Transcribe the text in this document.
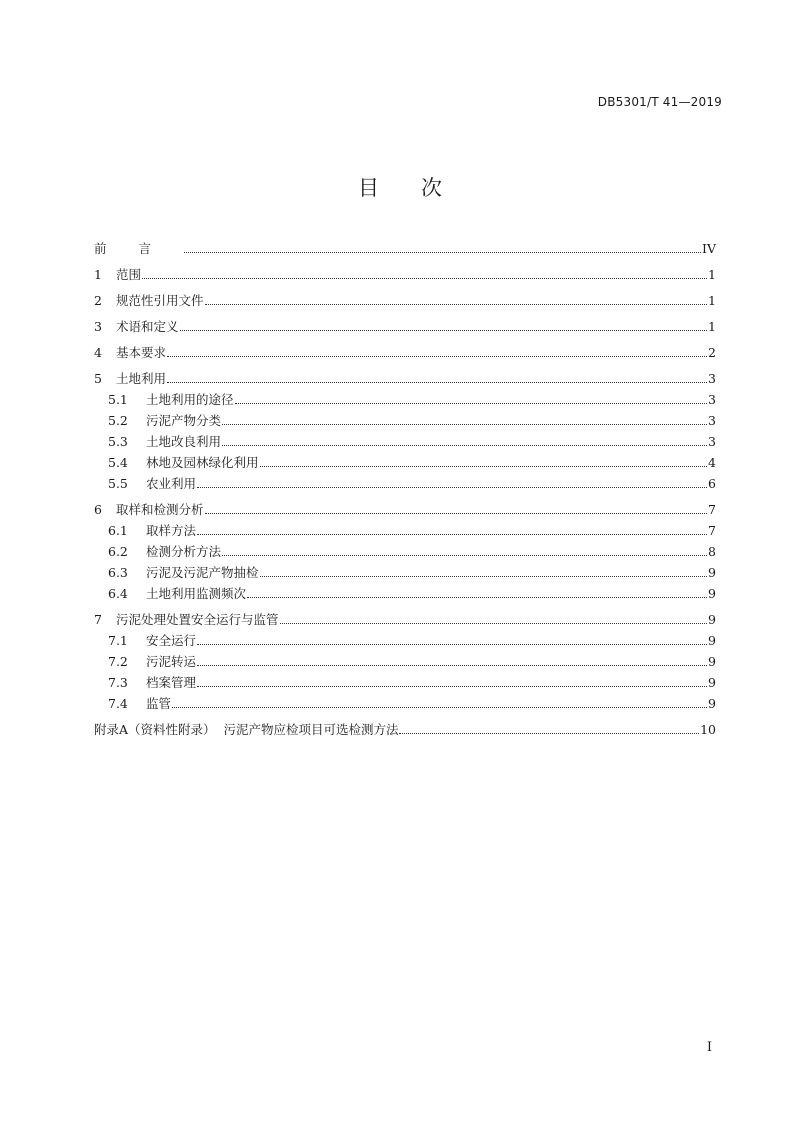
DB5301/T 41—2019
目次
前言	IV
1	范围	1
2	规范性引用文件	1
3	术语和定义	1
4	基本要求	2
5	土地利用	3
5.1	土地利用的途径	3
5.2	污泥产物分类	3
5.3	土地改良利用	3
5.4	林地及园林绿化利用	4
5.5	农业利用	6
6	取样和检测分析	7
6.1	取样方法	7
6.2	检测分析方法	8
6.3	污泥及污泥产物抽检	9
6.4	土地利用监测频次	9
7	污泥处理处置安全运行与监管	9
7.1	安全运行	9
7.2	污泥转运	9
7.3	档案管理	9
7.4	监管	9
附录A（资料性附录）  污泥产物应检项目可选检测方法	10
I
